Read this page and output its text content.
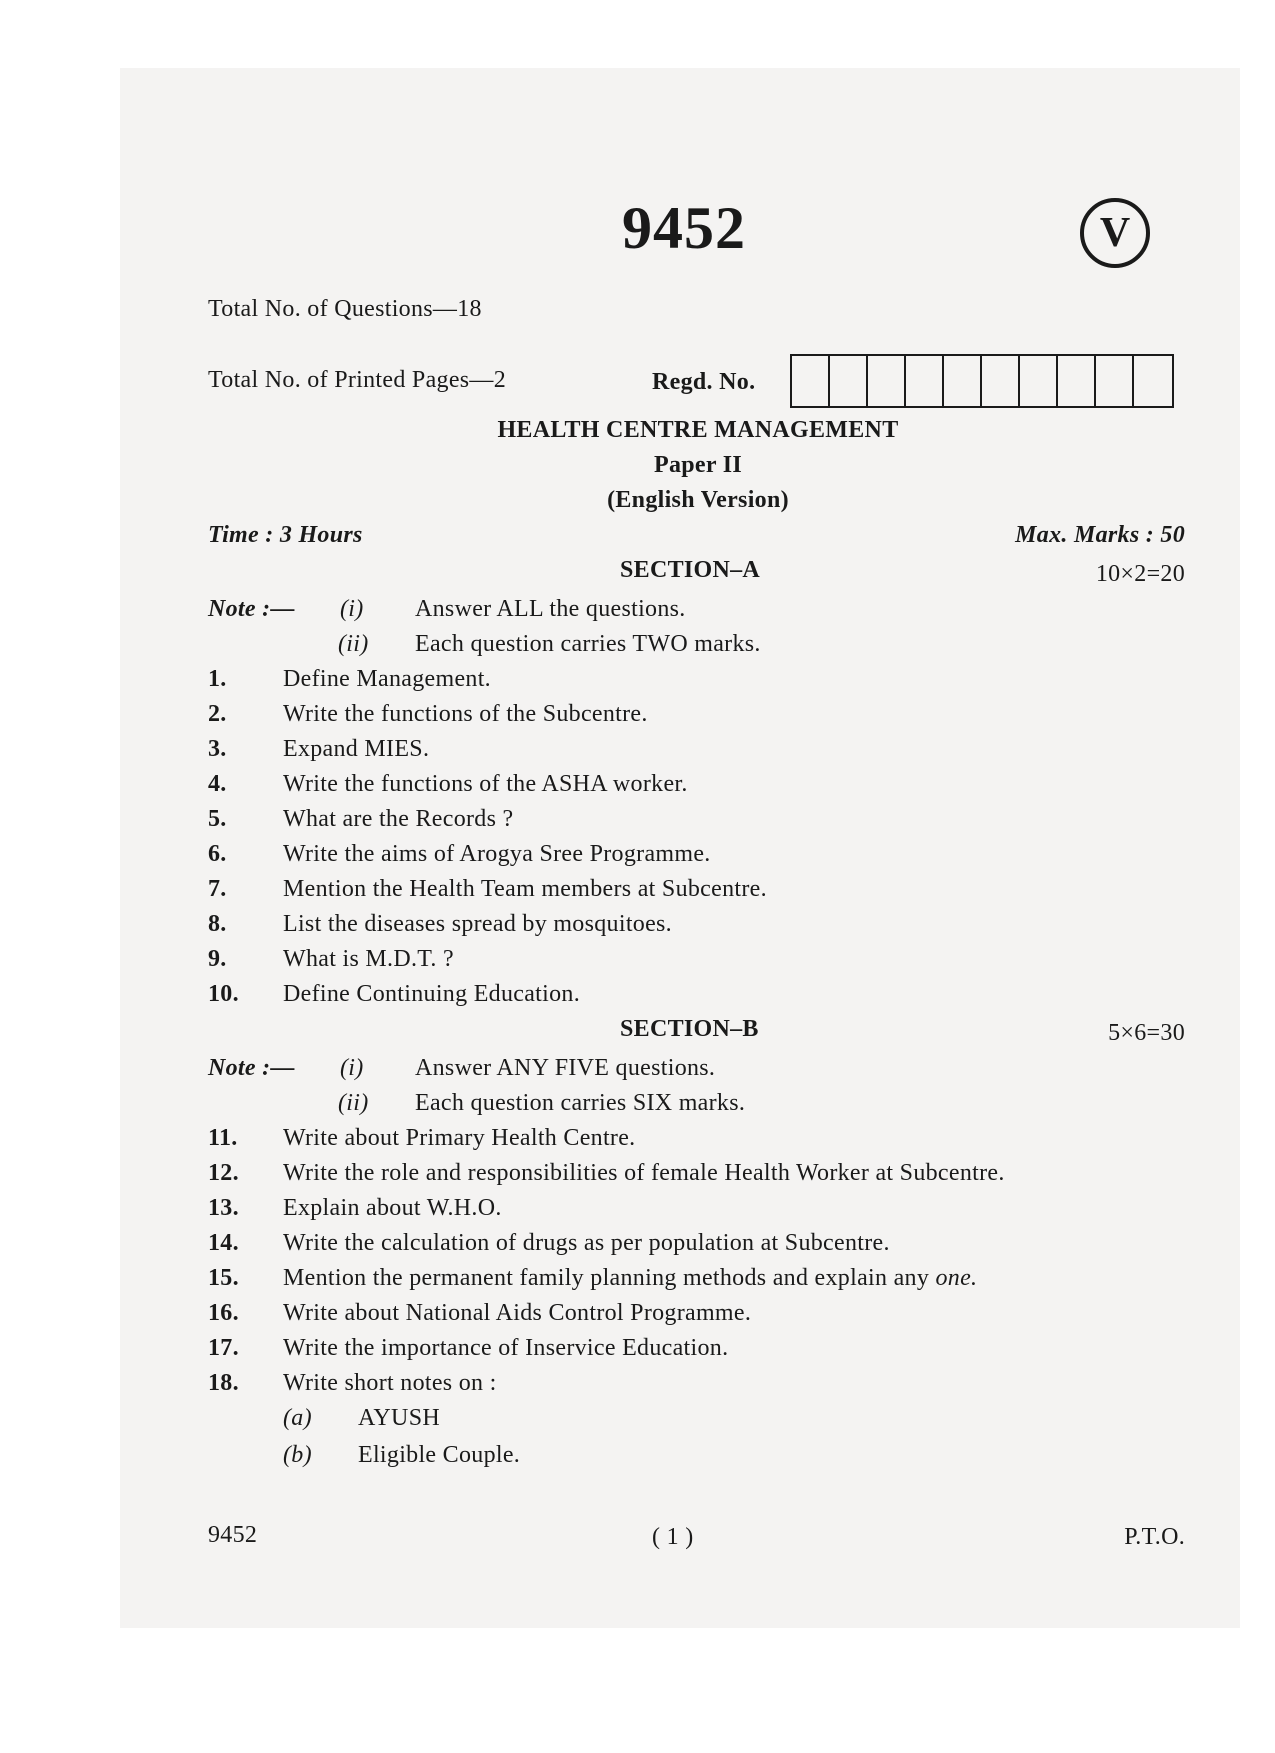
9452	V
Total No. of Questions—18
Total No. of Printed Pages—2	Regd. No.
HEALTH CENTRE MANAGEMENT
Paper II
(English Version)
Time : 3 Hours	Max. Marks : 50
SECTION–A	10×2=20
Note :— (i) Answer ALL the questions.
(ii) Each question carries TWO marks.
1. Define Management.
2. Write the functions of the Subcentre.
3. Expand MIES.
4. Write the functions of the ASHA worker.
5. What are the Records ?
6. Write the aims of Arogya Sree Programme.
7. Mention the Health Team members at Subcentre.
8. List the diseases spread by mosquitoes.
9. What is M.D.T. ?
10. Define Continuing Education.
SECTION–B	5×6=30
Note :— (i) Answer ANY FIVE questions.
(ii) Each question carries SIX marks.
11. Write about Primary Health Centre.
12. Write the role and responsibilities of female Health Worker at Subcentre.
13. Explain about W.H.O.
14. Write the calculation of drugs as per population at Subcentre.
15. Mention the permanent family planning methods and explain any one.
16. Write about National Aids Control Programme.
17. Write the importance of Inservice Education.
18. Write short notes on :
(a) AYUSH
(b) Eligible Couple.
9452	( 1 )	P.T.O.
